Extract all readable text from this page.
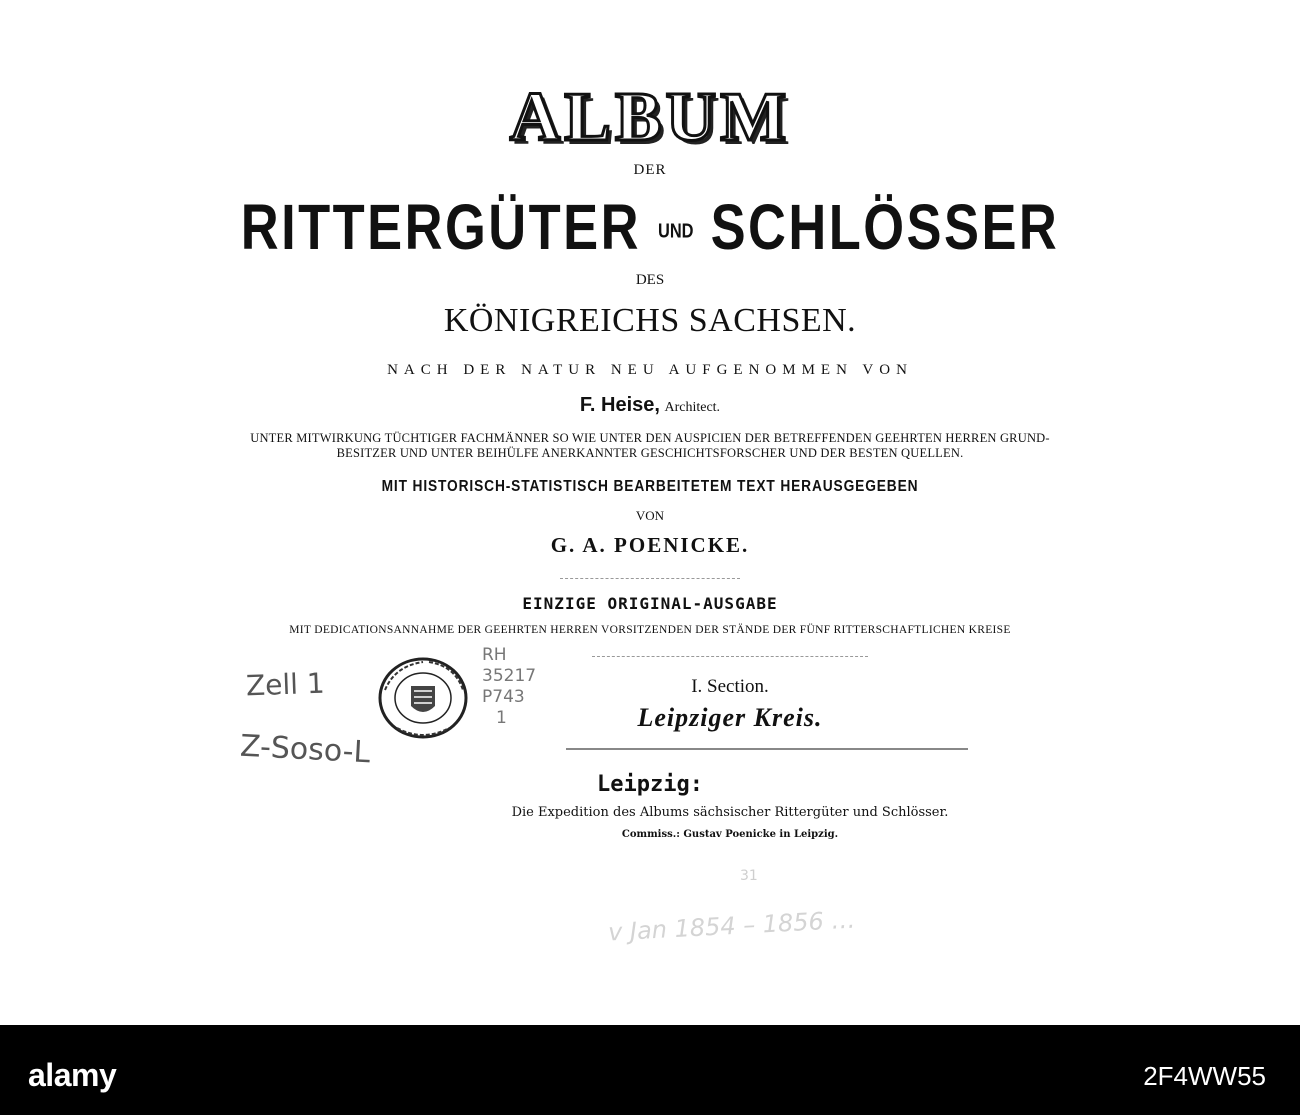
ALBUM
DER
RITTERGÜTER UND SCHLÖSSER
DES
KÖNIGREICHS SACHSEN.
NACH DER NATUR NEU AUFGENOMMEN VON
F. Heise, Architect.
UNTER MITWIRKUNG TÜCHTIGER FACHMÄNNER SO WIE UNTER DEN AUSPICIEN DER BETREFFENDEN GEEHRTEN HERREN GRUND-
BESITZER UND UNTER BEIHÜLFE ANERKANNTER GESCHICHTSFORSCHER UND DER BESTEN QUELLEN.
MIT HISTORISCH-STATISTISCH BEARBEITETEM TEXT HERAUSGEGEBEN
VON
G. A. POENICKE.
EINZIGE ORIGINAL-AUSGABE
MIT DEDICATIONSANNAHME DER GEEHRTEN HERREN VORSITZENDEN DER STÄNDE DER FÜNF RITTERSCHAFTLICHEN KREISE
I. Section.
Leipziger Kreis.
Leipzig:
Die Expedition des Albums sächsischer Rittergüter und Schlösser.
Commiss.: Gustav Poenicke in Leipzig.
Zell 1
Z-Soso-L
RH
35217
P743
1
31
v Jan 1854 – 1856 …
alamy	2F4WW55
